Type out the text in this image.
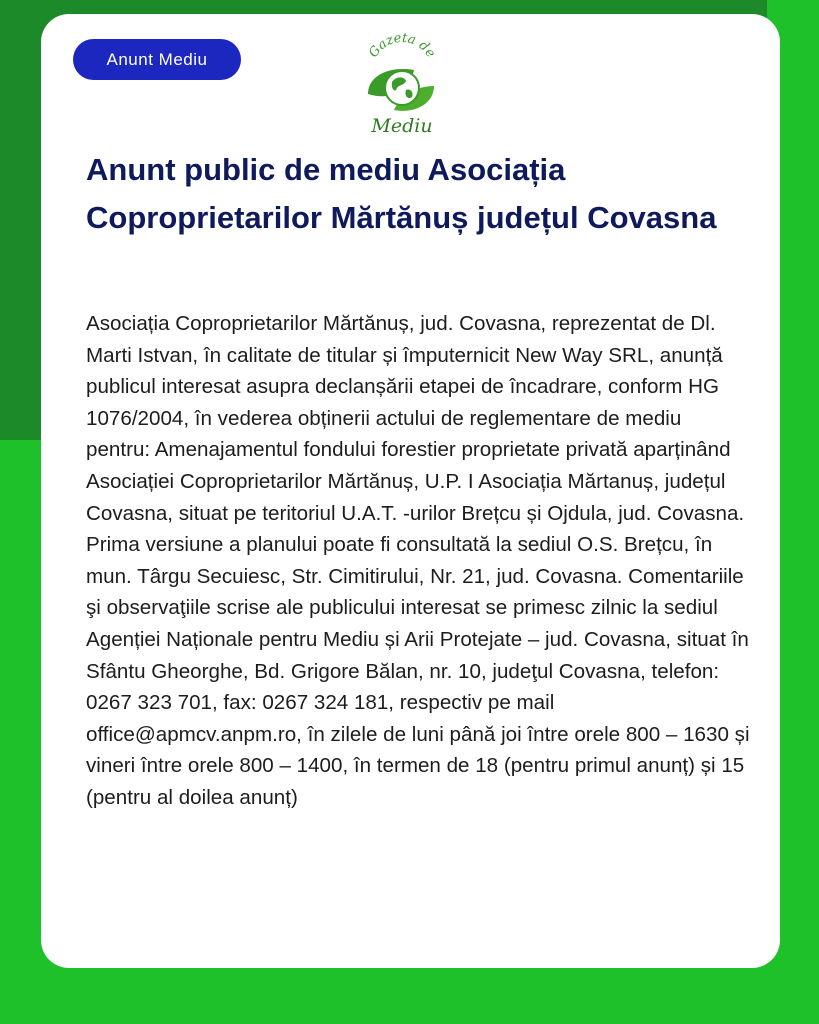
Anunt Mediu	Gazeta de
Mediu
Anunt public de mediu Asociația Coproprietarilor Mărtănuș județul Covasna

Asociația Coproprietarilor Mărtănuș, jud. Covasna, reprezentat de Dl. Marti Istvan, în calitate de titular și împuternicit New Way SRL, anunță publicul interesat asupra declanșării etapei de încadrare, conform HG 1076/2004, în vederea obținerii actului de reglementare de mediu pentru: Amenajamentul fondului forestier proprietate privată aparținând Asociației Coproprietarilor Mărtănuș, U.P. I Asociația Mărtanuș, județul Covasna, situat pe teritoriul U.A.T. -urilor Brețcu și Ojdula, jud. Covasna. Prima versiune a planului poate fi consultată la sediul O.S. Brețcu, în mun. Târgu Secuiesc, Str. Cimitirului, Nr. 21, jud. Covasna. Comentariile şi observaţiile scrise ale publicului interesat se primesc zilnic la sediul Agenției Naționale pentru Mediu și Arii Protejate – jud. Covasna, situat în Sfântu Gheorghe, Bd. Grigore Bălan, nr. 10, judeţul Covasna, telefon: 0267 323 701, fax: 0267 324 181, respectiv pe mail office@apmcv.anpm.ro, în zilele de luni până joi între orele 800 – 1630 și vineri între orele 800 – 1400, în termen de 18 (pentru primul anunț) și 15 (pentru al doilea anunț)
